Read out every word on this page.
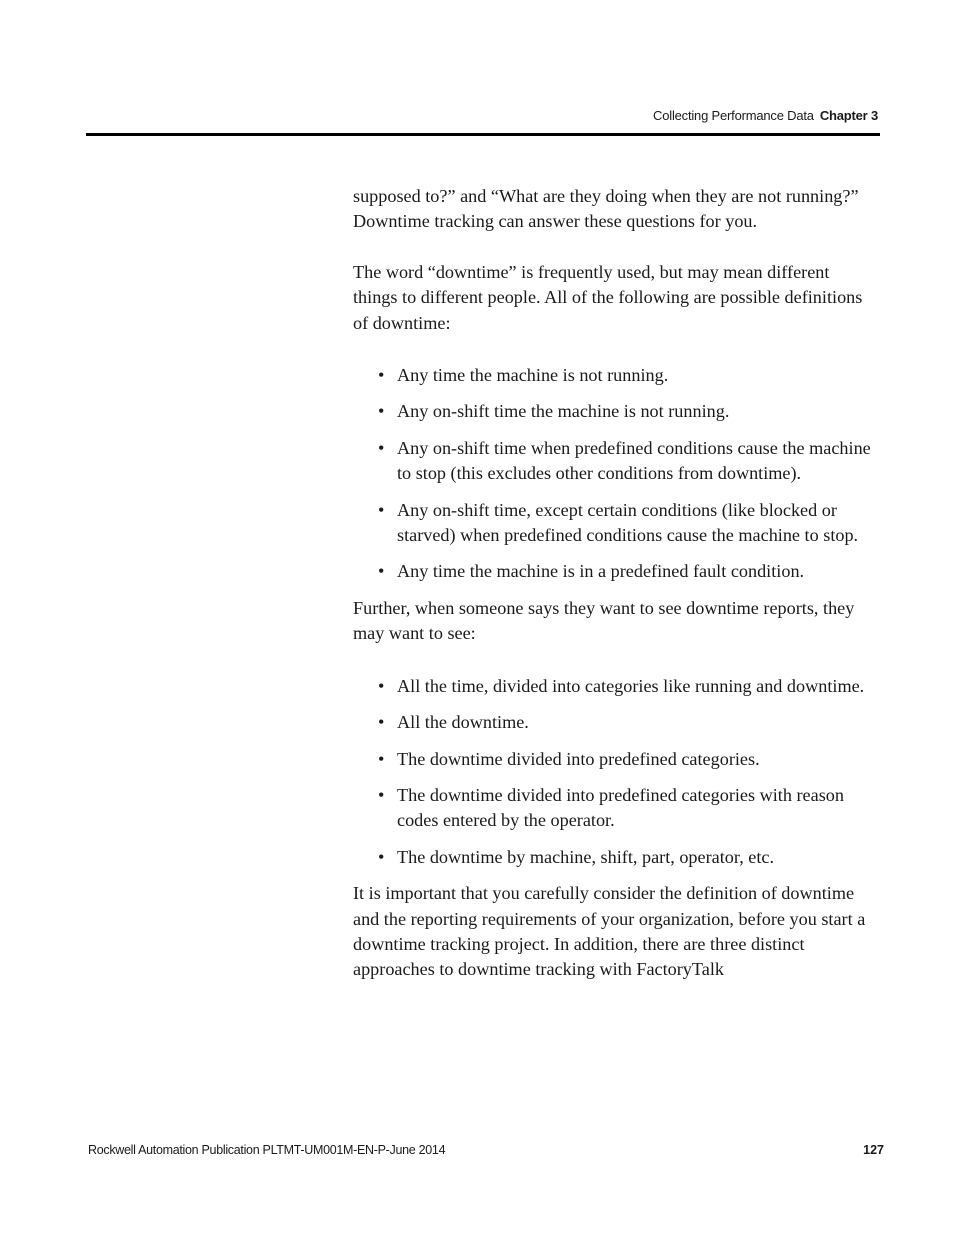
Collecting Performance Data Chapter 3

supposed to?” and “What are they doing when they are not running?” Downtime tracking can answer these questions for you.

The word “downtime” is frequently used, but may mean different things to different people. All of the following are possible definitions of downtime:

• Any time the machine is not running.
• Any on-shift time the machine is not running.
• Any on-shift time when predefined conditions cause the machine to stop (this excludes other conditions from downtime).
• Any on-shift time, except certain conditions (like blocked or starved) when predefined conditions cause the machine to stop.
• Any time the machine is in a predefined fault condition.

Further, when someone says they want to see downtime reports, they may want to see:

• All the time, divided into categories like running and downtime.
• All the downtime.
• The downtime divided into predefined categories.
• The downtime divided into predefined categories with reason codes entered by the operator.
• The downtime by machine, shift, part, operator, etc.

It is important that you carefully consider the definition of downtime and the reporting requirements of your organization, before you start a downtime tracking project. In addition, there are three distinct approaches to downtime tracking with FactoryTalk

Rockwell Automation Publication PLTMT-UM001M-EN-P-June 2014	127
